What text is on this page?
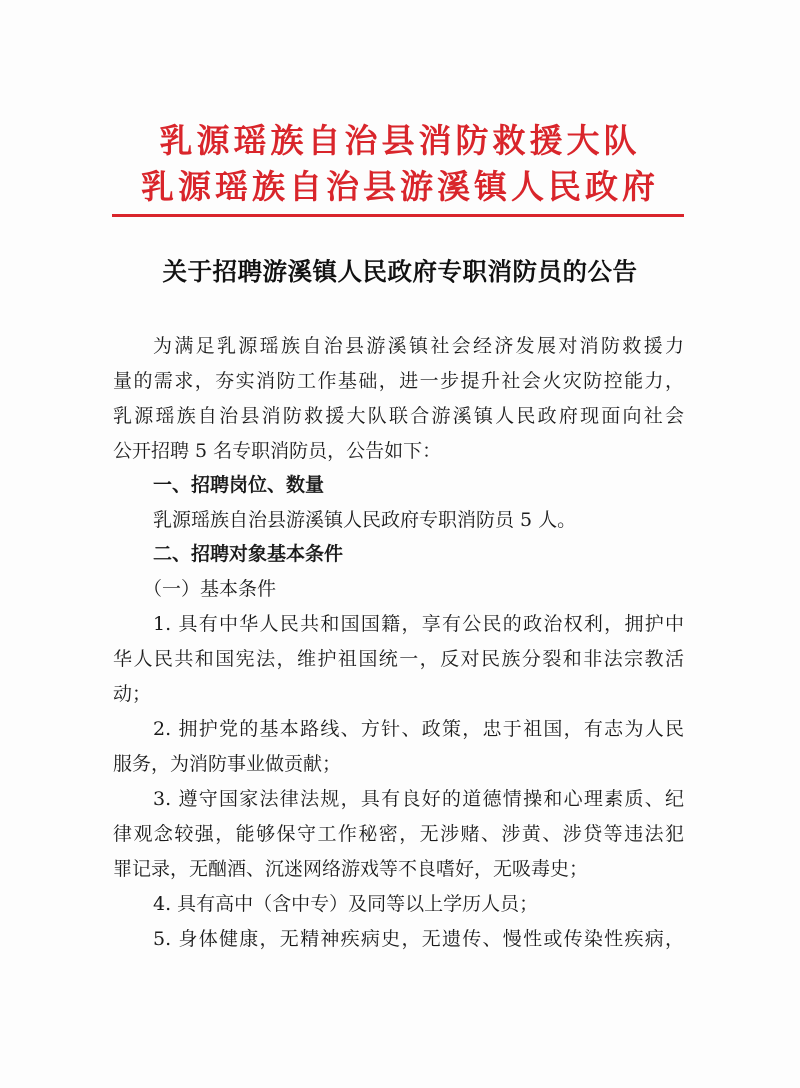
乳源瑶族自治县消防救援大队
乳源瑶族自治县游溪镇人民政府
关于招聘游溪镇人民政府专职消防员的公告
为满足乳源瑶族自治县游溪镇社会经济发展对消防救援力
量的需求，夯实消防工作基础，进一步提升社会火灾防控能力，
乳源瑶族自治县消防救援大队联合游溪镇人民政府现面向社会
公开招聘 5 名专职消防员，公告如下：
一、招聘岗位、数量
乳源瑶族自治县游溪镇人民政府专职消防员 5 人。
二、招聘对象基本条件
（一）基本条件
1. 具有中华人民共和国国籍，享有公民的政治权利，拥护中
华人民共和国宪法，维护祖国统一，反对民族分裂和非法宗教活
动；
2. 拥护党的基本路线、方针、政策，忠于祖国，有志为人民
服务，为消防事业做贡献；
3. 遵守国家法律法规，具有良好的道德情操和心理素质、纪
律观念较强，能够保守工作秘密，无涉赌、涉黄、涉贷等违法犯
罪记录，无酗酒、沉迷网络游戏等不良嗜好，无吸毒史；
4. 具有高中（含中专）及同等以上学历人员；
5. 身体健康，无精神疾病史，无遗传、慢性或传染性疾病，
